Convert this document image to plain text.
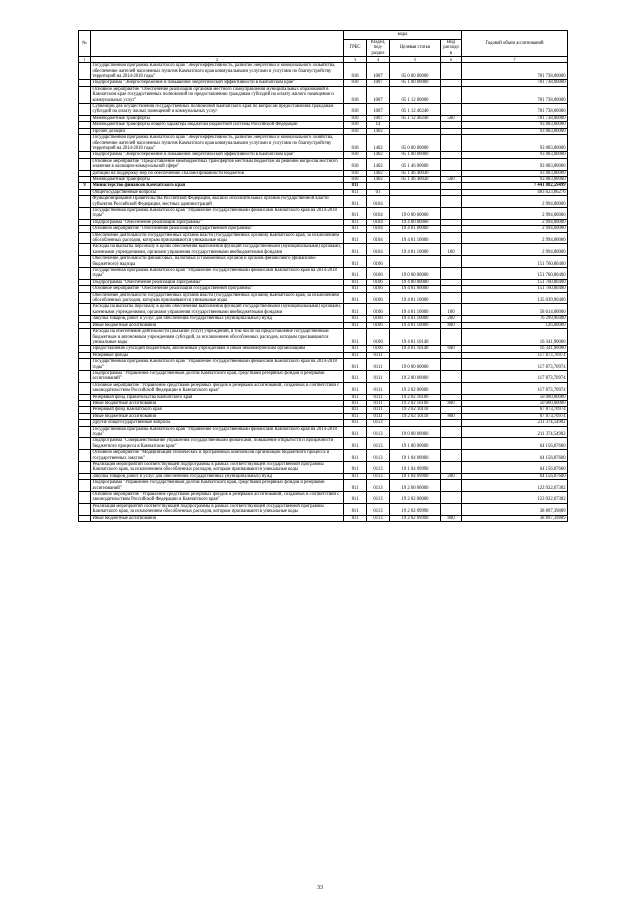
№		коды				Годовой объем ассигнований
		ГРБС	Раздел, под-раздел	Целевая статья	Вид расходов	
1	2	3	4	5	6	7
	Государственная программа Камчатского края "Энергоэффективность, развитие энергетики и коммунального хозьяйства, обеспечение жителей населенных пунктов Камчатского края коммунальными услугами и услугами по благоустройству территорий на 2014-2018 годы"	810	1007	05 0 00 00000		781 738,00000
	Подпрограмма "Энергосбережение и повышение энергетической эффективности в Камчатском крае"	810	1007	05 1 00 00000		781 738,00000
	Основное мероприятие "Обеспечение реализации органами местного самоуправления муниципальных образований в Камчатском крае государственных полномочий по предоставлению гражданам субсидий на оплату жилого помещения и коммунальных услуг"	810	1007	05 1 12 00000		781 738,00000
	Субвенции для осуществления государственных полномочий Камчатского края по вопросам предоставления гражданам субсидий на оплату жилых помещений и коммунальных услуг	810	1007	05 1 12 40240		781 738,00000
	Межбюджетные трансферты	810	1007	05 1 12 40240	500	781 738,00000
	Межбюджетные трансферты общего характера бюджетам бюджетной системы Российской Федерации	810	14			93 083,80000
	Прочие дотации	810	1402			93 083,80000
	Государственная программа Камчатского края "Энергоэффективность, развитие энергетики и коммунального хозяйства, обеспечение жителей населенных пунктов Камчатского края коммунальными услугами и услугами по благоустройству территорий на 2014-2018 годы"	810	1402	05 0 00 00000		93 083,80000
	Подпрограмма "Энергосбережение и повышение энергетической эффективности в Камчатском крае"	810	1402	05 1 00 00000		93 083,80000
	Основное мероприятие "Предоставление межбюджетных трансфертов местным бюджетам на решение вопросов местного значения в жилищно-коммунальной сфере"	810	1402	05 1 46 00000		93 083,80000
	Дотации на поддержку мер по обеспечению сбалансированности бюджетов	810	1402	05 1 46 40030		93 083,80000
	Межбюджетные трансферты	810	1402	05 1 46 40030	500	93 083,80000
9	Министерство финансов Камчатского края	811				7 441 882,59499
	Общегосударственные вопросы	811	01			483 623,06276
	Функционирование Правительства Российской Федерации, высших исполнительных органов государственной власти субъектов Российской Федерации, местных администраций	811	0104			2 994,00000
	Государственная программа Камчатского края "Управление государственными финансами Камчатского края на 2014-2018 годы"	811	0104	19 0 00 00000		2 994,00000
	Подпрограмма "Обеспечение реализации Программы"	811	0104	19 4 00 00000		2 994,00000
	Основное мероприятие "Обеспечение реализации государственной программы"	811	0104	19 4 01 00000		2 994,00000
	Обеспечение деятельности государственных органов власти (государственных органов) Камчатского края, за исключением обособленных расходов, которым присваиваются уникальные коды	811	0104	19 4 01 10000		2 994,00000
	Расходы на выплаты персоналу в целях обеспечения выполнения функций государственными (муниципальными) органами, казенными учреждениями, органами управления государственными внебюджетными фондами	811	0104	19 4 01 10000	100	2 994,00000
	Обеспечение деятельности финансовых, налоговых и таможенных органов и органов финансового (финансово-бюджетного) надзора	811	0106			151 760,80400
	Государственная программа Камчатского края "Управление государственными финансами Камчатского края на 2014-2018 годы"	811	0106	19 0 00 00000		151 760,80400
	Подпрограмма "Обеспечение реализации Программы"	811	0106	19 4 00 00000		151 760,80400
	Основное мероприятие "Обеспечение реализации государственной программы"	811	0106	19 4 01 00000		151 760,80400
	Обеспечение деятельности государственных органов власти (государственных органов) Камчатского края, за исключением обособленных расходов, которым присваиваются уникальные коды	811	0106	19 4 01 10000		135 039,90400
	Расходы на выплаты персоналу в целях обеспечения выполнения функций государственными (муниципальными) органами, казенными учреждениями, органами управления государственными внебюджетными фондами	811	0106	19 4 01 10000	100	58 614,00000
	Закупка товаров, работ и услуг для обеспечения государственных (муниципальных) нужд	811	0106	19 4 01 10000	200	76 299,90400
	Иные бюджетные ассигнования	811	0106	19 4 01 10000	800	126,00000
	Расходы на обеспечение деятельности (оказание услуг) учреждений, в том числе на предоставление государственным бюджетным и автономным учреждениям субсидий, за исключением обособленных расходов, которым присваиваются уникальные коды	811	0106	19 4 01 10140		16 341,90000
	Предоставление субсидий бюджетным, автономным учреждениям и иным некоммерческим организациям	811	0106	19 4 01 10140	600	16 341,90000
	Резервные фонды	811	0111			117 873,70974
	Государственная программа Камчатского края "Управление государственными финансами Камчатского края на 2014-2018 годы"	811	0111	19 0 00 00000		117 873,70974
	Подпрограмма "Управление государственным долгом Камчатского края, средствами резервных фондов и резервами ассигнований"	811	0111	19 2 00 00000		117 873,70974
	Основное мероприятие "Управление средствами резервных фондов и резервами ассигнований, созданных в соответствии с законодательством Российской Федерации и Камчатского края"	811	0111	19 2 02 00000		117 873,70974
	Резервный фонд Правительства Камчатского края	811	0111	19 2 02 10100		50 000,00000
	Иные бюджетные ассигнования	811	0111	19 2 02 10100	800	50 000,00000
	Резервный фонд Камчатского края	811	0111	19 2 02 10110		67 873,70974
	Иные бюджетные ассигнования	811	0111	19 2 02 10110	800	67 873,70974
	Другие общегосударственные вопросы	811	0113			211 374,54902
	Государственная программа Камчатского края "Управление государственными финансами Камчатского края на 2014-2018 годы"	811	0113	19 0 00 00000		211 374,54902
	Подпрограмма "Совершенствование управления государственными финансами, повышение открытости и прозрачности бюджетного процесса в Камчатском крае"	811	0113	19 1 00 00000		64 156,87600
	Основное мероприятие "Модернизация технических и программных комплексов организации бюджетного процесса и государственных закупок"	811	0113	19 1 04 00000		64 156,87600
	Реализация мероприятий соответствующей подпрограммы в рамках соответствующей государственной программы Камчатского края, за исключением обособленных расходов, которым присваиваются уникальные коды	811	0113	19 1 04 09990		64 156,87600
	Закупка товаров, работ и услуг для обеспечения государственных (муниципальных) нужд	811	0113	19 1 04 09990	200	64 156,87600
	Подпрограмма "Управление государственным долгом Камчатского края, средствами резервных фондов и резервами ассигнований"	811	0113	19 2 00 00000		123 922,67302
	Основное мероприятие "Управление средствами резервных фондов и резервами ассигнований, созданных в соответствии с законодательством Российской Федерации и Камчатского края"	811	0113	19 2 02 00000		123 922,67302
	Реализация мероприятий соответствующей подпрограммы в рамках соответствующей государственной программы Камчатского края, за исключением обособленных расходов, которым присваиваются уникальные коды	811	0113	19 2 02 09990		38 897,39889
	Иные бюджетные ассигнования	811	0113	19 2 02 09990	800	38 897,39889
33
